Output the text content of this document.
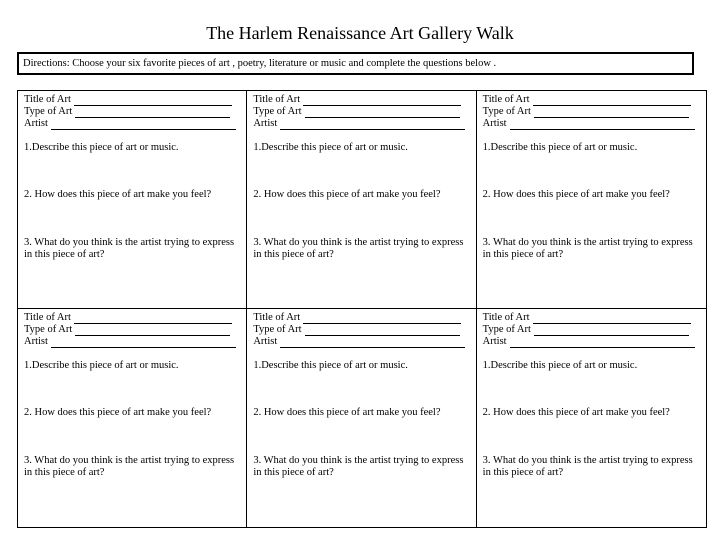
The Harlem Renaissance Art Gallery Walk
Directions: Choose your six favorite pieces of art , poetry, literature or music and complete the questions below .
Title of Art
Type of Art
Artist
1.Describe this piece of art or music.
2. How does this piece of art make you feel?
3. What do you think is the artist trying to express in this piece of art?
Title of Art
Type of Art
Artist
1.Describe this piece of art or music.
2. How does this piece of art make you feel?
3. What do you think is the artist trying to express in this piece of art?
Title of Art
Type of Art
Artist
1.Describe this piece of art or music.
2. How does this piece of art make you feel?
3. What do you think is the artist trying to express in this piece of art?
Title of Art
Type of Art
Artist
1.Describe this piece of art or music.
2. How does this piece of art make you feel?
3. What do you think is the artist trying to express in this piece of art?
Title of Art
Type of Art
Artist
1.Describe this piece of art or music.
2. How does this piece of art make you feel?
3. What do you think is the artist trying to express in this piece of art?
Title of Art
Type of Art
Artist
1.Describe this piece of art or music.
2. How does this piece of art make you feel?
3. What do you think is the artist trying to express in this piece of art?
